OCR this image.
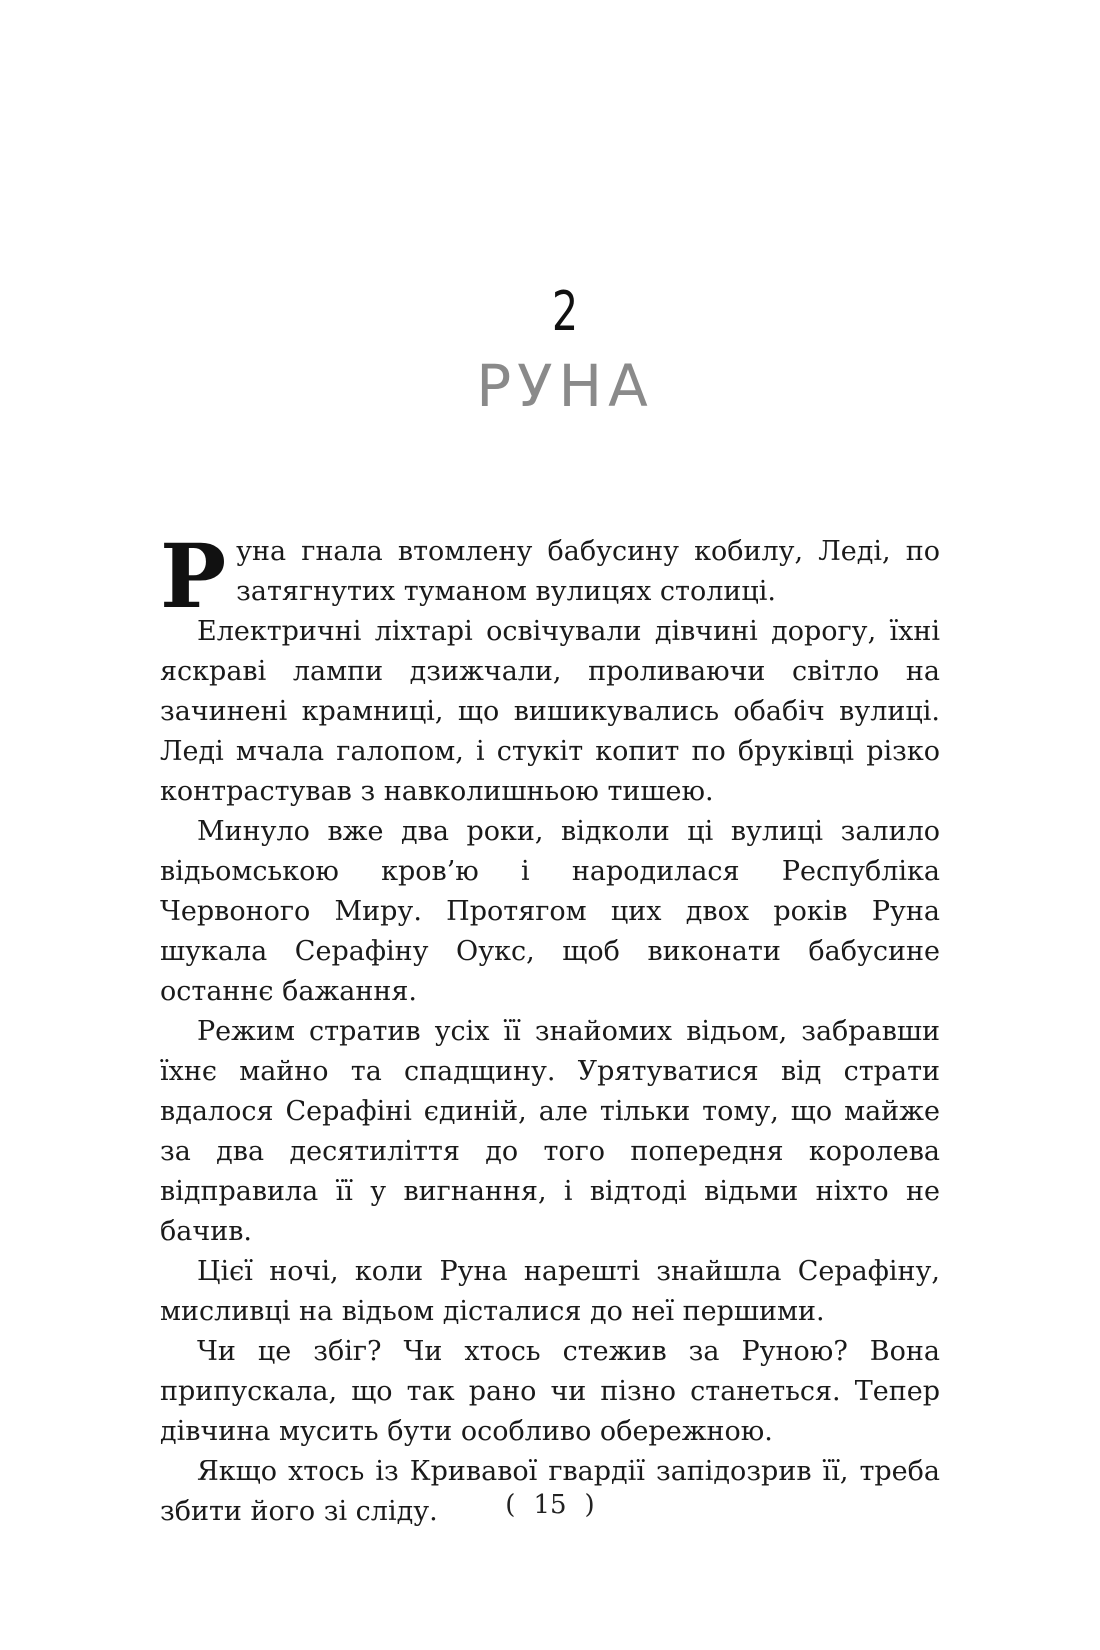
2
РУНА

Руна гнала втомлену бабусину кобилу, Леді, по затягнутих туманом вулицях столиці.

Електричні ліхтарі освічували дівчині дорогу, їхні яскраві лампи дзижчали, проливаючи світло на зачинені крамниці, що вишикувались обабіч вулиці. Леді мчала галопом, і стукіт копит по бруківці різко контрастував з навколишньою тишею.

Минуло вже два роки, відколи ці вулиці залило відьомською кров’ю і народилася Республіка Червоного Миру. Протягом цих двох років Руна шукала Серафіну Оукс, щоб виконати бабусине останнє бажання.

Режим стратив усіх її знайомих відьом, забравши їхнє майно та спадщину. Урятуватися від страти вдалося Серафіні єдиній, але тільки тому, що майже за два десятиліття до того попередня королева відправила її у вигнання, і відтоді відьми ніхто не бачив.

Цієї ночі, коли Руна нарешті знайшла Серафіну, мисливці на відьом дісталися до неї першими.

Чи це збіг? Чи хтось стежив за Руною? Вона припускала, що так рано чи пізно станеться. Тепер дівчина мусить бути особливо обережною.

Якщо хтось із Кривавої гвардії запідозрив її, треба збити його зі сліду.	( 15 )
